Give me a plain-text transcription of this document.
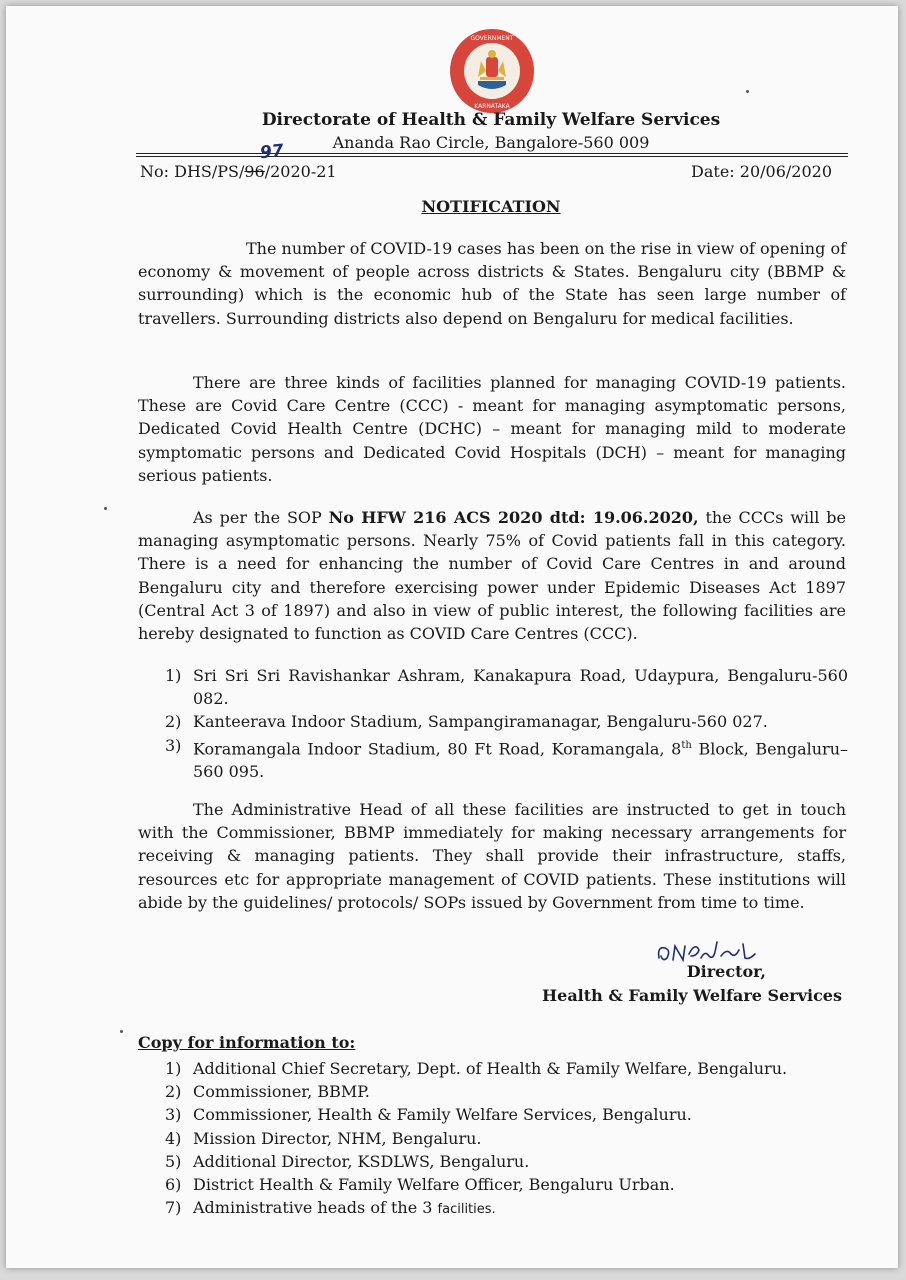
GOVERNMENT
KARNATAKA
Directorate of Health & Family Welfare Services
Ananda Rao Circle, Bangalore-560 009
No: DHS/PS/96/2020-21
97
Date: 20/06/2020
NOTIFICATION

The number of COVID-19 cases has been on the rise in view of opening of economy & movement of people across districts & States. Bengaluru city (BBMP & surrounding) which is the economic hub of the State has seen large number of travellers. Surrounding districts also depend on Bengaluru for medical facilities.

There are three kinds of facilities planned for managing COVID-19 patients. These are Covid Care Centre (CCC) - meant for managing asymptomatic persons, Dedicated Covid Health Centre (DCHC) – meant for managing mild to moderate symptomatic persons and Dedicated Covid Hospitals (DCH) – meant for managing serious patients.

As per the SOP No HFW 216 ACS 2020 dtd: 19.06.2020, the CCCs will be managing asymptomatic persons. Nearly 75% of Covid patients fall in this category. There is a need for enhancing the number of Covid Care Centres in and around Bengaluru city and therefore exercising power under Epidemic Diseases Act 1897 (Central Act 3 of 1897) and also in view of public interest, the following facilities are hereby designated to function as COVID Care Centres (CCC).

1) Sri Sri Sri Ravishankar Ashram, Kanakapura Road, Udaypura, Bengaluru-560 082.
2) Kanteerava Indoor Stadium, Sampangiramanagar, Bengaluru-560 027.
3) Koramangala Indoor Stadium, 80 Ft Road, Koramangala, 8th Block, Bengaluru–560 095.

The Administrative Head of all these facilities are instructed to get in touch with the Commissioner, BBMP immediately for making necessary arrangements for receiving & managing patients. They shall provide their infrastructure, staffs, resources etc for appropriate management of COVID patients. These institutions will abide by the guidelines/ protocols/ SOPs issued by Government from time to time.

Director,
Health & Family Welfare Services
Copy for information to:
1) Additional Chief Secretary, Dept. of Health & Family Welfare, Bengaluru.
2) Commissioner, BBMP.
3) Commissioner, Health & Family Welfare Services, Bengaluru.
4) Mission Director, NHM, Bengaluru.
5) Additional Director, KSDLWS, Bengaluru.
6) District Health & Family Welfare Officer, Bengaluru Urban.
7) Administrative heads of the 3 facilities.
